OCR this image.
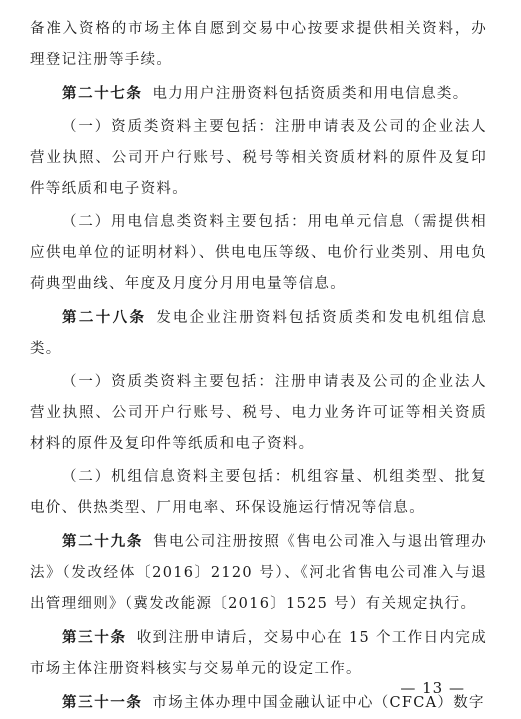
备准入资格的市场主体自愿到交易中心按要求提供相关资料，办理登记注册等手续。

第二十七条 电力用户注册资料包括资质类和用电信息类。

（一）资质类资料主要包括：注册申请表及公司的企业法人营业执照、公司开户行账号、税号等相关资质材料的原件及复印件等纸质和电子资料。

（二）用电信息类资料主要包括：用电单元信息（需提供相应供电单位的证明材料）、供电电压等级、电价行业类别、用电负荷典型曲线、年度及月度分月用电量等信息。

第二十八条 发电企业注册资料包括资质类和发电机组信息类。

（一）资质类资料主要包括：注册申请表及公司的企业法人营业执照、公司开户行账号、税号、电力业务许可证等相关资质材料的原件及复印件等纸质和电子资料。

（二）机组信息资料主要包括：机组容量、机组类型、批复电价、供热类型、厂用电率、环保设施运行情况等信息。

第二十九条 售电公司注册按照《售电公司准入与退出管理办法》（发改经体〔2016〕2120 号）、《河北省售电公司准入与退出管理细则》（冀发改能源〔2016〕1525 号）有关规定执行。

第三十条 收到注册申请后，交易中心在 15 个工作日内完成市场主体注册资料核实与交易单元的设定工作。

第三十一条 市场主体办理中国金融认证中心（CFCA）数字

— 13 —
